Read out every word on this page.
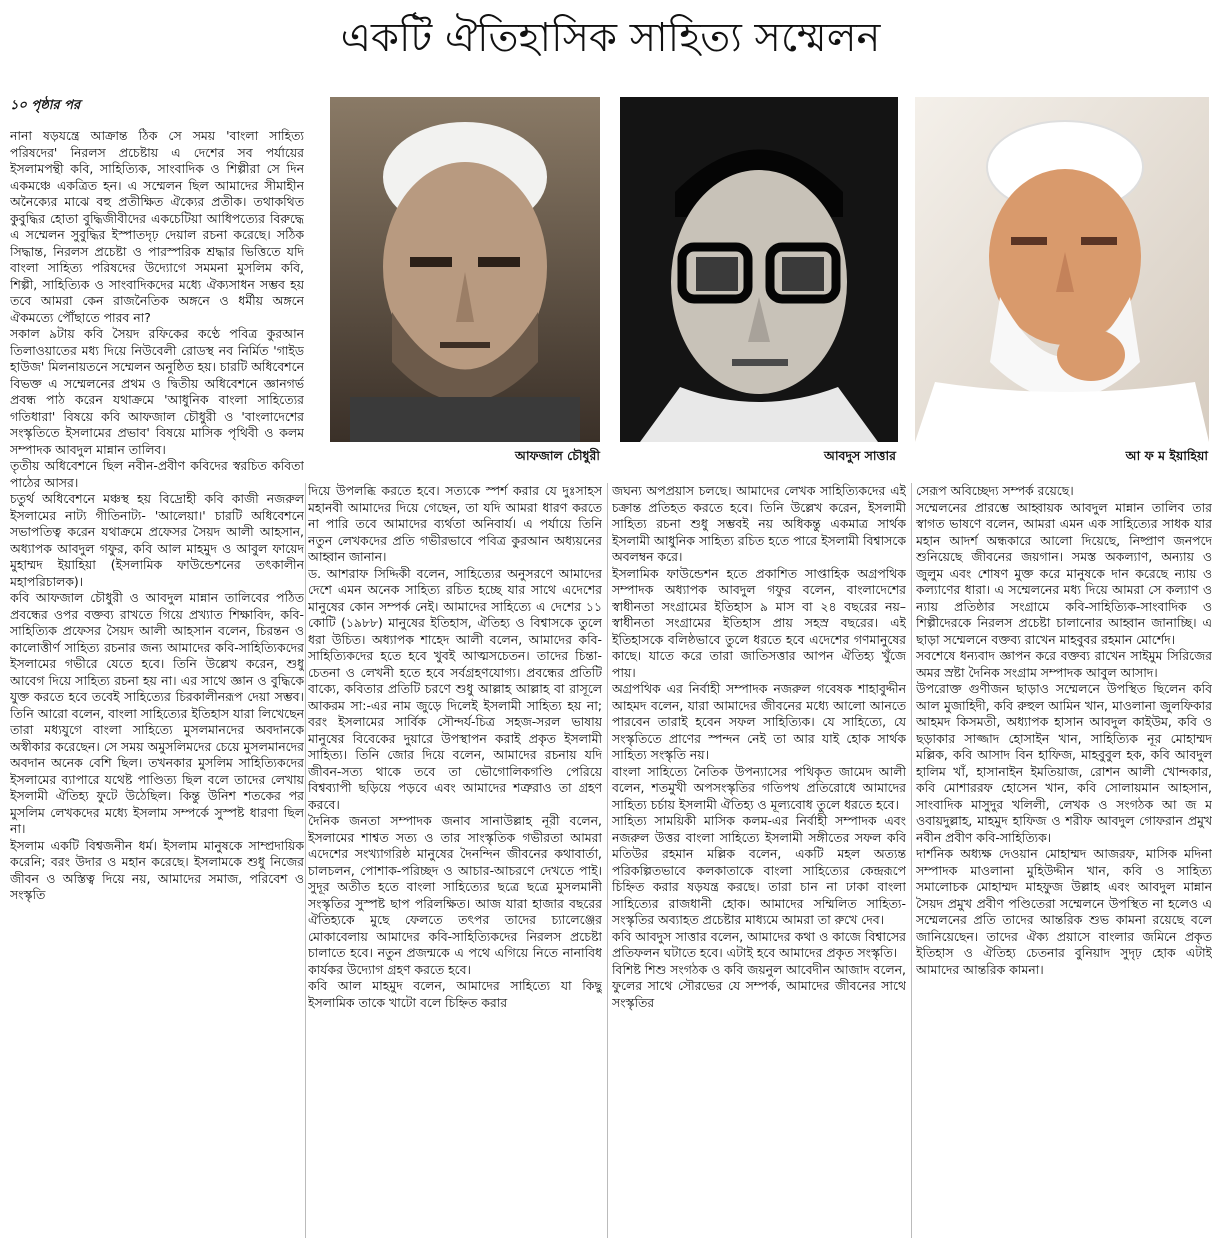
একটি ঐতিহাসিক সাহিত্য সম্মেলন
১০ পৃষ্ঠার পর
আফজাল চৌধুরী	আবদুস সাত্তার	আ ফ ম ইয়াহিয়া

নানা ষড়যন্ত্রে আক্রান্ত ঠিক সে সময় 'বাংলা সাহিত্য পরিষদের' নিরলস প্রচেষ্টায় এ দেশের সব পর্যায়ের ইসলামপন্থী কবি, সাহিত্যিক, সাংবাদিক ও শিল্পীরা সে দিন একমঞ্চে একত্রিত হন। এ সম্মেলন ছিল আমাদের সীমাহীন অনৈক্যের মাঝে বহু প্রতীক্ষিত ঐক্যের প্রতীক। তথাকথিত কুবুদ্ধির হোতা বুদ্ধিজীবীদের একচেটিয়া আধিপত্যের বিরুদ্ধে এ সম্মেলন সুবুদ্ধির ইস্পাতদৃঢ় দেয়াল রচনা করেছে। সঠিক সিদ্ধান্ত, নিরলস প্রচেষ্টা ও পারস্পরিক শ্রদ্ধার ভিত্তিতে যদি বাংলা সাহিত্য পরিষদের উদ্যোগে সমমনা মুসলিম কবি, শিল্পী, সাহিত্যিক ও সাংবাদিকদের মধ্যে ঐক্যসাধন সম্ভব হয় তবে আমরা কেন রাজনৈতিক অঙ্গনে ও ধর্মীয় অঙ্গনে ঐকমত্যে পৌঁছাতে পারব না?

সকাল ৯টায় কবি সৈয়দ রফিকের কণ্ঠে পবিত্র কুরআন তিলাওয়াতের মধ্য দিয়ে নিউবেলী রোডস্থ নব নির্মিত 'গাইড হাউজ' মিলনায়তনে সম্মেলন অনুষ্ঠিত হয়। চারটি অধিবেশনে বিভক্ত এ সম্মেলনের প্রথম ও দ্বিতীয় অধিবেশনে জ্ঞানগর্ভ প্রবন্ধ পাঠ করেন যথাক্রমে 'আধুনিক বাংলা সাহিত্যের গতিধারা' বিষয়ে কবি আফজাল চৌধুরী ও 'বাংলাদেশের সংস্কৃতিতে ইসলামের প্রভাব' বিষয়ে মাসিক পৃথিবী ও কলম সম্পাদক আবদুল মান্নান তালিব।

তৃতীয় অধিবেশনে ছিল নবীন-প্রবীণ কবিদের স্বরচিত কবিতা পাঠের আসর।

চতুর্থ অধিবেশনে মঞ্চস্থ হয় বিদ্রোহী কবি কাজী নজরুল ইসলামের নাট্য গীতিনাট্য- 'আলেয়া।' চারটি অধিবেশনে সভাপতিত্ব করেন যথাক্রমে প্রফেসর সৈয়দ আলী আহসান, অধ্যাপক আবদুল গফুর, কবি আল মাহমুদ ও আবুল ফায়েদ মুহাম্মদ ইয়াহিয়া (ইসলামিক ফাউন্ডেশনের তৎকালীন মহাপরিচালক)।

কবি আফজাল চৌধুরী ও আবদুল মান্নান তালিবের পঠিত প্রবন্ধের ওপর বক্তব্য রাখতে গিয়ে প্রখ্যাত শিক্ষাবিদ, কবি-সাহিত্যিক প্রফেসর সৈয়দ আলী আহসান বলেন, চিরন্তন ও কালোত্তীর্ণ সাহিত্য রচনার জন্য আমাদের কবি-সাহিত্যিকদের ইসলামের গভীরে যেতে হবে। তিনি উল্লেখ করেন, শুধু আবেগ দিয়ে সাহিত্য রচনা হয় না। এর সাথে জ্ঞান ও বুদ্ধিকে যুক্ত করতে হবে তবেই সাহিত্যের চিরকালীনরূপ দেয়া সম্ভব। তিনি আরো বলেন, বাংলা সাহিত্যের ইতিহাস যারা লিখেছেন তারা মধ্যযুগে বাংলা সাহিত্যে মুসলমানদের অবদানকে অস্বীকার করেছেন। সে সময় অমুসলিমদের চেয়ে মুসলমানদের অবদান অনেক বেশি ছিল। তখনকার মুসলিম সাহিত্যিকদের ইসলামের ব্যাপারে যথেষ্ট পাণ্ডিত্য ছিল বলে তাদের লেখায় ইসলামী ঐতিহ্য ফুটে উঠেছিল। কিন্তু উনিশ শতকের পর মুসলিম লেখকদের মধ্যে ইসলাম সম্পর্কে সুস্পষ্ট ধারণা ছিল না।

ইসলাম একটি বিশ্বজনীন ধর্ম। ইসলাম মানুষকে সাম্প্রদায়িক করেনি; বরং উদার ও মহান করেছে। ইসলামকে শুধু নিজের জীবন ও অস্তিত্ব দিয়ে নয়, আমাদের সমাজ, পরিবেশ ও সংস্কৃতি

দিয়ে উপলব্ধি করতে হবে। সত্যকে স্পর্শ করার যে দুঃসাহস মহানবী আমাদের দিয়ে গেছেন, তা যদি আমরা ধারণ করতে না পারি তবে আমাদের ব্যর্থতা অনিবার্য। এ পর্যায়ে তিনি নতুন লেখকদের প্রতি গভীরভাবে পবিত্র কুরআন অধ্যয়নের আহ্বান জানান।

ড. আশরাফ সিদ্দিকী বলেন, সাহিত্যের অনুসরণে আমাদের দেশে এমন অনেক সাহিত্য রচিত হচ্ছে যার সাথে এদেশের মানুষের কোন সম্পর্ক নেই। আমাদের সাহিত্যে এ দেশের ১১ কোটি (১৯৮৮) মানুষের ইতিহাস, ঐতিহ্য ও বিশ্বাসকে তুলে ধরা উচিত। অধ্যাপক শাহেদ আলী বলেন, আমাদের কবি-সাহিত্যিকদের হতে হবে খুবই আত্মসচেতন। তাদের চিন্তা-চেতনা ও লেখনী হতে হবে সর্বগ্রহণযোগ্য। প্রবন্ধের প্রতিটি বাক্যে, কবিতার প্রতিটি চরণে শুধু আল্লাহ আল্লাহ বা রাসূলে আকরম সা:-এর নাম জুড়ে দিলেই ইসলামী সাহিত্য হয় না; বরং ইসলামের সার্বিক সৌন্দর্য-চিত্র সহজ-সরল ভাষায় মানুষের বিবেকের দুয়ারে উপস্থাপন করাই প্রকৃত ইসলামী সাহিত্য। তিনি জোর দিয়ে বলেন, আমাদের রচনায় যদি জীবন-সত্য থাকে তবে তা ভৌগোলিকগণ্ডি পেরিয়ে বিশ্বব্যাপী ছড়িয়ে পড়বে এবং আমাদের শত্রুরাও তা গ্রহণ করবে।

দৈনিক জনতা সম্পাদক জনাব সানাউল্লাহ নূরী বলেন, ইসলামের শাশ্বত সত্য ও তার সাংস্কৃতিক গভীরতা আমরা এদেশের সংখ্যাগরিষ্ঠ মানুষের দৈনন্দিন জীবনের কথাবার্তা, চালচলন, পোশাক-পরিচ্ছদ ও আচার-আচরণে দেখতে পাই। সুদূর অতীত হতে বাংলা সাহিত্যের ছত্রে ছত্রে মুসলমানী সংস্কৃতির সুস্পষ্ট ছাপ পরিলক্ষিত। আজ যারা হাজার বছরের ঐতিহ্যকে মুছে ফেলতে তৎপর তাদের চ্যালেঞ্জের মোকাবেলায় আমাদের কবি-সাহিত্যিকদের নিরলস প্রচেষ্টা চালাতে হবে। নতুন প্রজন্মকে এ পথে এগিয়ে নিতে নানাবিধ কার্যকর উদ্যোগ গ্রহণ করতে হবে।

কবি আল মাহমুদ বলেন, আমাদের সাহিত্যে যা কিছু ইসলামিক তাকে খাটো বলে চিহ্নিত করার

জঘন্য অপপ্রয়াস চলছে। আমাদের লেখক সাহিত্যিকদের এই চক্রান্ত প্রতিহত করতে হবে। তিনি উল্লেখ করেন, ইসলামী সাহিত্য রচনা শুধু সম্ভবই নয় অধিকন্তু একমাত্র সার্থক ইসলামী আধুনিক সাহিত্য রচিত হতে পারে ইসলামী বিশ্বাসকে অবলম্বন করে।

ইসলামিক ফাউন্ডেশন হতে প্রকাশিত সাপ্তাহিক অগ্রপথিক সম্পাদক অধ্যাপক আবদুল গফুর বলেন, বাংলাদেশের স্বাধীনতা সংগ্রামের ইতিহাস ৯ মাস বা ২৪ বছরের নয়– স্বাধীনতা সংগ্রামের ইতিহাস প্রায় সহস্র বছরের। এই ইতিহাসকে বলিষ্ঠভাবে তুলে ধরতে হবে এদেশের গণমানুষের কাছে। যাতে করে তারা জাতিসত্তার আপন ঐতিহ্য খুঁজে পায়।

অগ্রপথিক এর নির্বাহী সম্পাদক নজরুল গবেষক শাহাবুদ্দীন আহমদ বলেন, যারা আমাদের জীবনের মধ্যে আলো আনতে পারবেন তারাই হবেন সফল সাহিত্যিক। যে সাহিত্যে, যে সংস্কৃতিতে প্রাণের স্পন্দন নেই তা আর যাই হোক সার্থক সাহিত্য সংস্কৃতি নয়।

বাংলা সাহিত্যে নৈতিক উপন্যাসের পথিকৃত জামেদ আলী বলেন, শতমুখী অপসংস্কৃতির গতিপথ প্রতিরোধে আমাদের সাহিত্য চর্চায় ইসলামী ঐতিহ্য ও মূল্যবোধ তুলে ধরতে হবে।

সাহিত্য সাময়িকী মাসিক কলম-এর নির্বাহী সম্পাদক এবং নজরুল উত্তর বাংলা সাহিত্যে ইসলামী সঙ্গীতের সফল কবি মতিউর রহমান মল্লিক বলেন, একটি মহল অত্যন্ত পরিকল্পিতভাবে কলকাতাকে বাংলা সাহিত্যের কেন্দ্ররূপে চিহ্নিত করার ষড়যন্ত্র করছে। তারা চান না ঢাকা বাংলা সাহিত্যের রাজধানী হোক। আমাদের সম্মিলিত সাহিত্য-সংস্কৃতির অব্যাহত প্রচেষ্টার মাধ্যমে আমরা তা রুখে দেব।

কবি আবদুস সাত্তার বলেন, আমাদের কথা ও কাজে বিশ্বাসের প্রতিফলন ঘটাতে হবে। এটাই হবে আমাদের প্রকৃত সংস্কৃতি।

বিশিষ্ট শিশু সংগঠক ও কবি জয়নুল আবেদীন আজাদ বলেন, ফুলের সাথে সৌরভের যে সম্পর্ক, আমাদের জীবনের সাথে সংস্কৃতির

সেরূপ অবিচ্ছেদ্য সম্পর্ক রয়েছে।

সম্মেলনের প্রারম্ভে আহ্বায়ক আবদুল মান্নান তালিব তার স্বাগত ভাষণে বলেন, আমরা এমন এক সাহিত্যের সাধক যার মহান আদর্শ অন্ধকারে আলো দিয়েছে, নিষ্প্রাণ জনপদে শুনিয়েছে জীবনের জয়গান। সমস্ত অকল্যাণ, অন্যায় ও জুলুম এবং শোষণ মুক্ত করে মানুষকে দান করেছে ন্যায় ও কল্যাণের ধারা। এ সম্মেলনের মধ্য দিয়ে আমরা সে কল্যাণ ও ন্যায় প্রতিষ্ঠার সংগ্রামে কবি-সাহিত্যিক-সাংবাদিক ও শিল্পীদেরকে নিরলস প্রচেষ্টা চালানোর আহ্বান জানাচ্ছি। এ ছাড়া সম্মেলনে বক্তব্য রাখেন মাহবুবর রহমান মোর্শেদ।

সবশেষে ধন্যবাদ জ্ঞাপন করে বক্তব্য রাখেন সাইমুম সিরিজের অমর স্রষ্টা দৈনিক সংগ্রাম সম্পাদক আবুল আসাদ।

উপরোক্ত গুণীজন ছাড়াও সম্মেলনে উপস্থিত ছিলেন কবি আল মুজাহিদী, কবি রুহুল আমিন খান, মাওলানা জুলফিকার আহমদ কিসমতী, অধ্যাপক হাসান আবদুল কাইউম, কবি ও ছড়াকার সাজ্জাদ হোসাইন খান, সাহিত্যিক নূর মোহাম্মদ মল্লিক, কবি আসাদ বিন হাফিজ, মাহবুবুল হক, কবি আবদুল হালিম খাঁ, হাসানাইন ইমতিয়াজ, রোশন আলী খোন্দকার, কবি মোশাররফ হোসেন খান, কবি সোলায়মান আহসান, সাংবাদিক মাসুদুর খলিলী, লেখক ও সংগঠক আ জ ম ওবায়দুল্লাহ, মাহমুদ হাফিজ ও শরীফ আবদুল গোফরান প্রমুখ নবীন প্রবীণ কবি-সাহিত্যিক।

দার্শনিক অধ্যক্ষ দেওয়ান মোহাম্মদ আজরফ, মাসিক মদিনা সম্পাদক মাওলানা মুহিউদ্দীন খান, কবি ও সাহিত্য সমালোচক মোহাম্মদ মাহফুজ উল্লাহ এবং আবদুল মান্নান সৈয়দ প্রমুখ প্রবীণ পণ্ডিতেরা সম্মেলনে উপস্থিত না হলেও এ সম্মেলনের প্রতি তাদের আন্তরিক শুভ কামনা রয়েছে বলে জানিয়েছেন। তাদের ঐক্য প্রয়াসে বাংলার জমিনে প্রকৃত ইতিহাস ও ঐতিহ্য চেতনার বুনিয়াদ সুদৃঢ় হোক এটাই আমাদের আন্তরিক কামনা।
